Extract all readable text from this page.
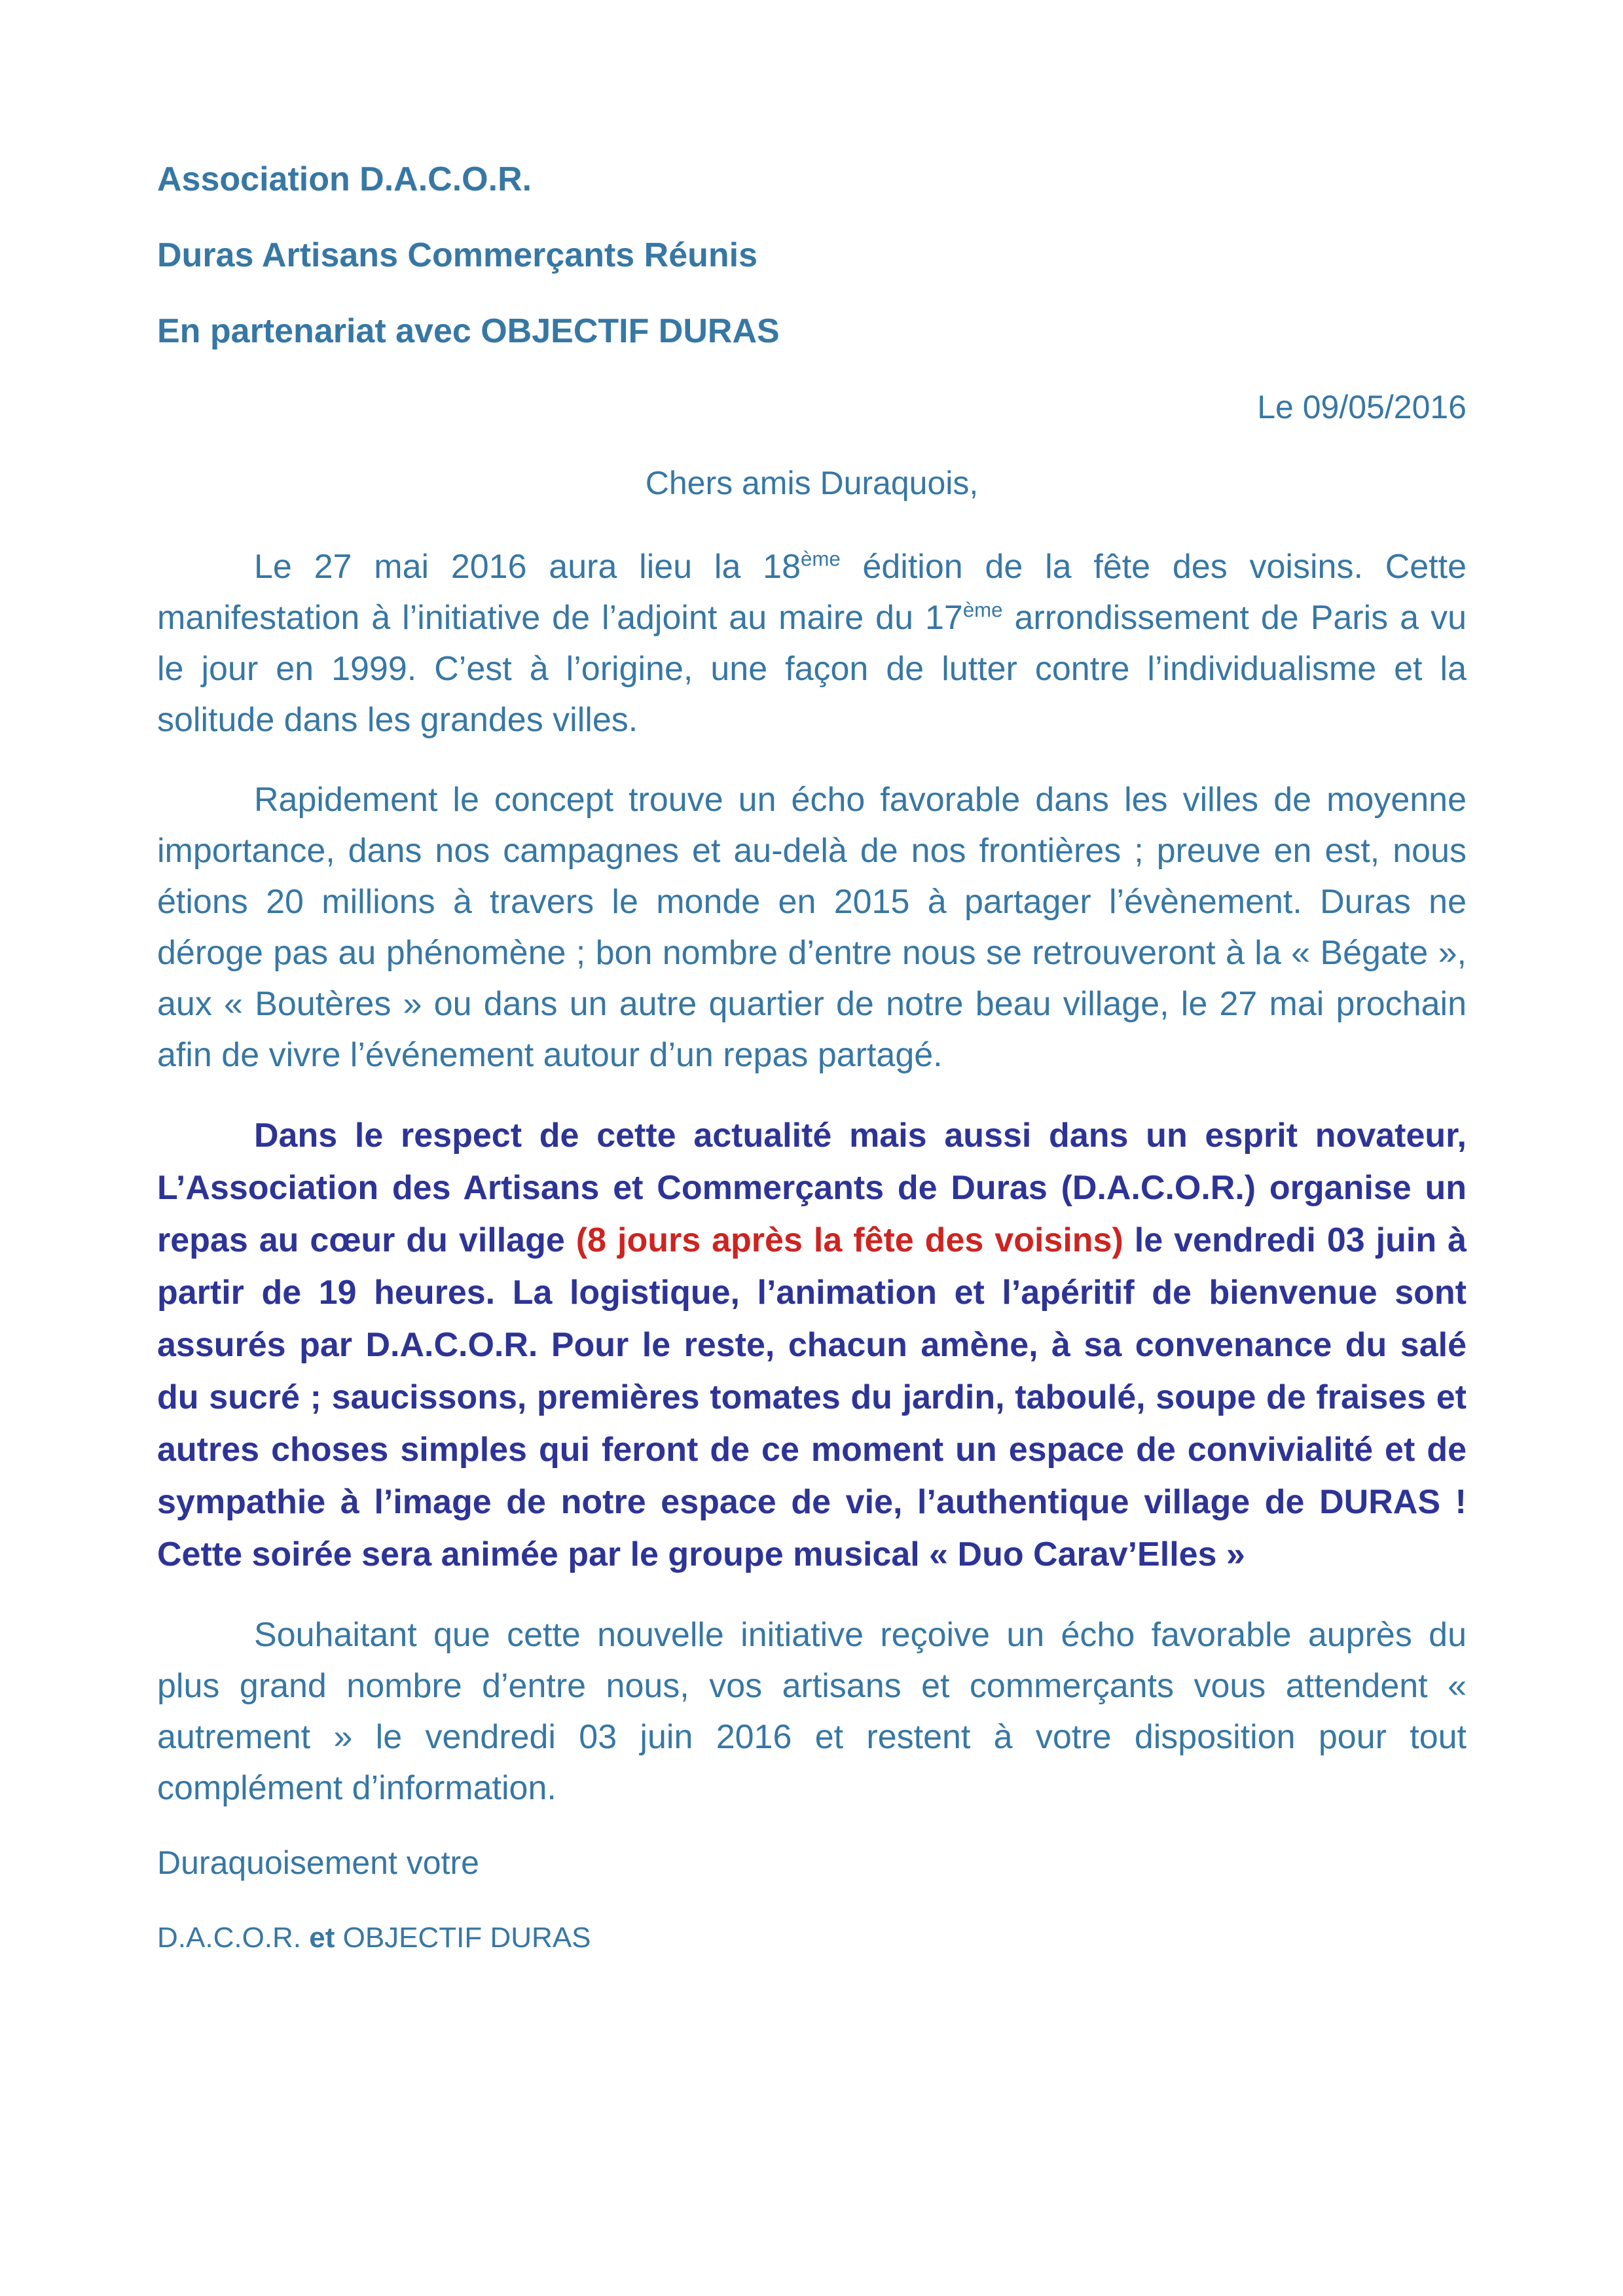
Association D.A.C.O.R.

Duras Artisans Commerçants Réunis

En partenariat avec OBJECTIF DURAS

Le 09/05/2016

Chers amis Duraquois,

Le 27 mai 2016 aura lieu la 18ème édition de la fête des voisins. Cette manifestation à l’initiative de l’adjoint au maire du 17ème arrondissement de Paris a vu le jour en 1999. C’est à l’origine, une façon de lutter contre l’individualisme et la solitude dans les grandes villes.

Rapidement le concept trouve un écho favorable dans les villes de moyenne importance, dans nos campagnes et au-delà de nos frontières ; preuve en est, nous étions 20 millions à travers le monde en 2015 à partager l’évènement. Duras ne déroge pas au phénomène ; bon nombre d’entre nous se retrouveront à la « Bégate », aux « Boutères » ou dans un autre quartier de notre beau village, le 27 mai prochain afin de vivre l’événement autour d’un repas partagé.

Dans le respect de cette actualité mais aussi dans un esprit novateur, L’Association des Artisans et Commerçants de Duras (D.A.C.O.R.) organise un repas au cœur du village (8 jours après la fête des voisins) le vendredi 03 juin à partir de 19 heures. La logistique, l’animation et l’apéritif de bienvenue sont assurés par D.A.C.O.R. Pour le reste, chacun amène, à sa convenance du salé du sucré ; saucissons, premières tomates du jardin, taboulé, soupe de fraises et autres choses simples qui feront de ce moment un espace de convivialité et de sympathie à l’image de notre espace de vie, l’authentique village de DURAS ! Cette soirée sera animée par le groupe musical « Duo Carav’Elles »

Souhaitant que cette nouvelle initiative reçoive un écho favorable auprès du plus grand nombre d’entre nous, vos artisans et commerçants vous attendent « autrement » le vendredi 03 juin 2016 et restent à votre disposition pour tout complément d’information.

Duraquoisement votre

D.A.C.O.R. et OBJECTIF DURAS
